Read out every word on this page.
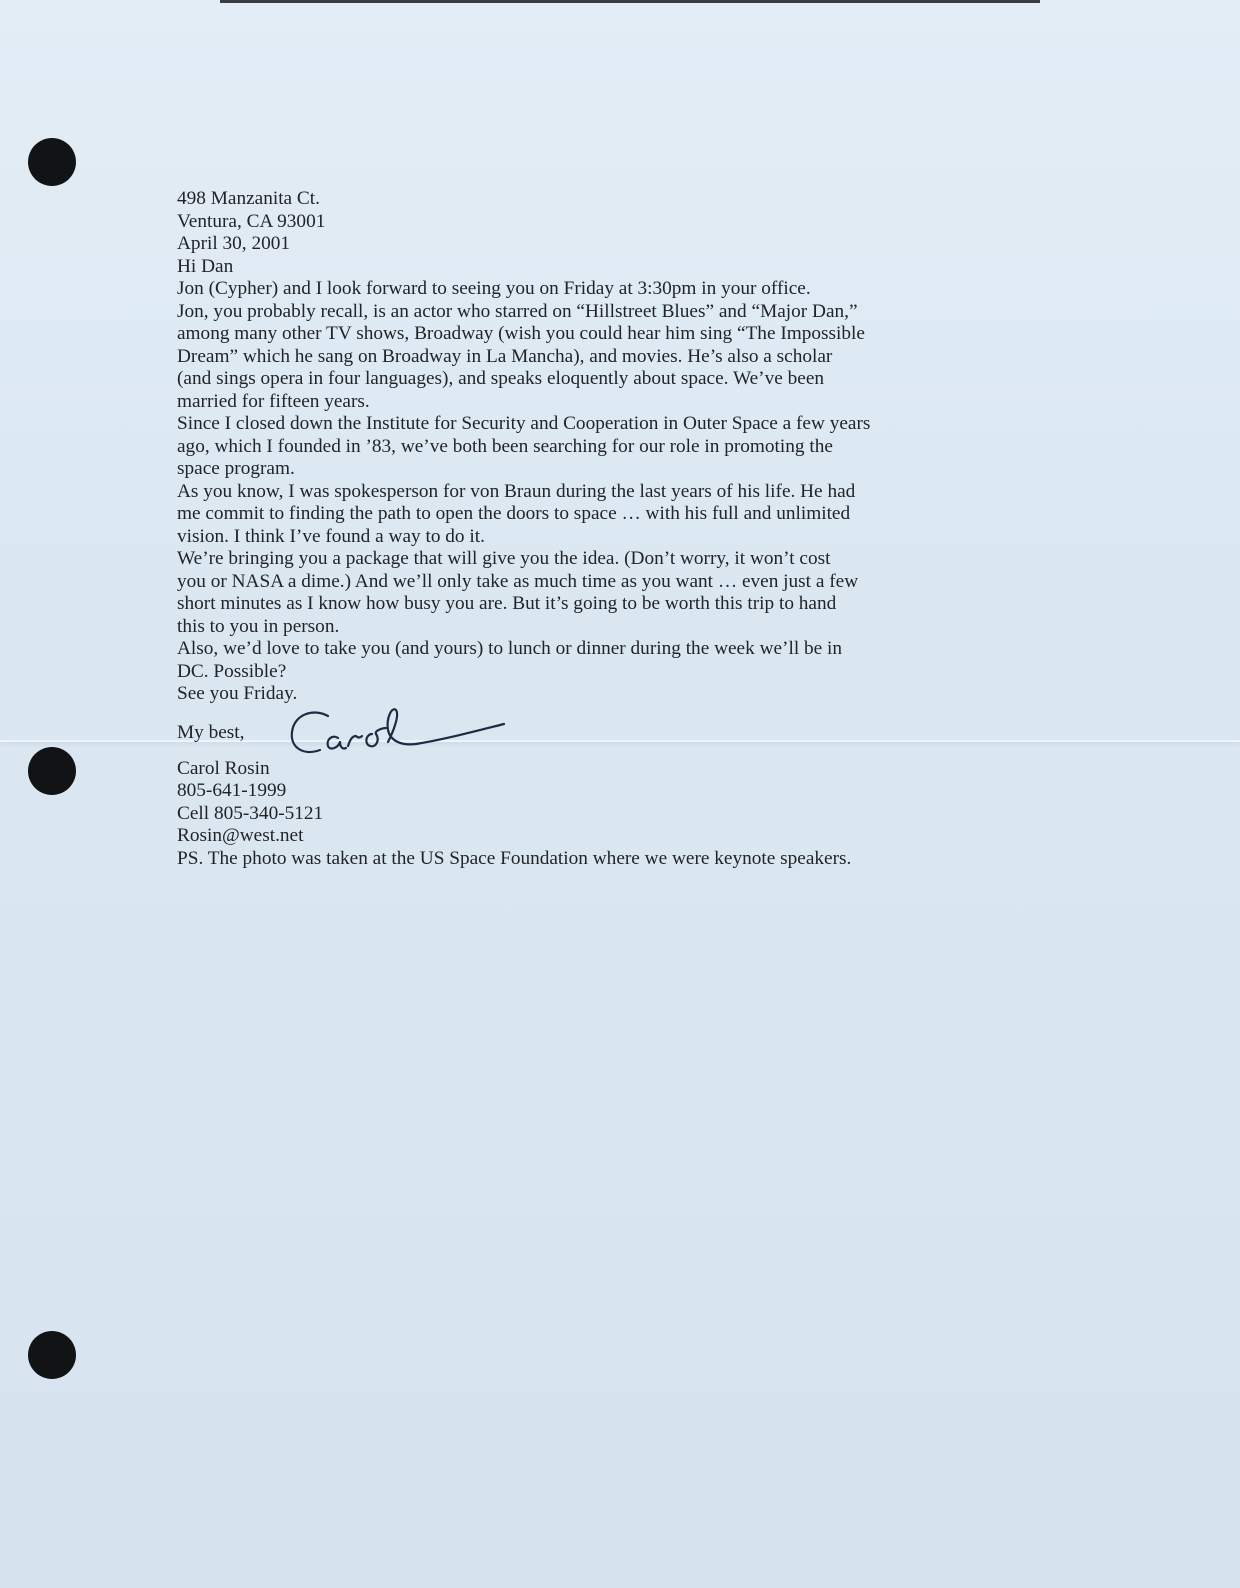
498 Manzanita Ct.
Ventura, CA 93001

April 30, 2001

Hi Dan

Jon (Cypher) and I look forward to seeing you on Friday at 3:30pm in your office.

Jon, you probably recall, is an actor who starred on “Hillstreet Blues” and “Major Dan,”
among many other TV shows, Broadway (wish you could hear him sing “The Impossible
Dream” which he sang on Broadway in La Mancha), and movies. He’s also a scholar
(and sings opera in four languages), and speaks eloquently about space. We’ve been
married for fifteen years.

Since I closed down the Institute for Security and Cooperation in Outer Space a few years
ago, which I founded in ’83, we’ve both been searching for our role in promoting the
space program.

As you know, I was spokesperson for von Braun during the last years of his life. He had
me commit to finding the path to open the doors to space … with his full and unlimited
vision. I think I’ve found a way to do it.

We’re bringing you a package that will give you the idea. (Don’t worry, it won’t cost
you or NASA a dime.) And we’ll only take as much time as you want … even just a few
short minutes as I know how busy you are. But it’s going to be worth this trip to hand
this to you in person.

Also, we’d love to take you (and yours) to lunch or dinner during the week we’ll be in
DC. Possible?

See you Friday.

My best,

Carol Rosin
805-641-1999
Cell 805-340-5121
Rosin@west.net

PS. The photo was taken at the US Space Foundation where we were keynote speakers.
